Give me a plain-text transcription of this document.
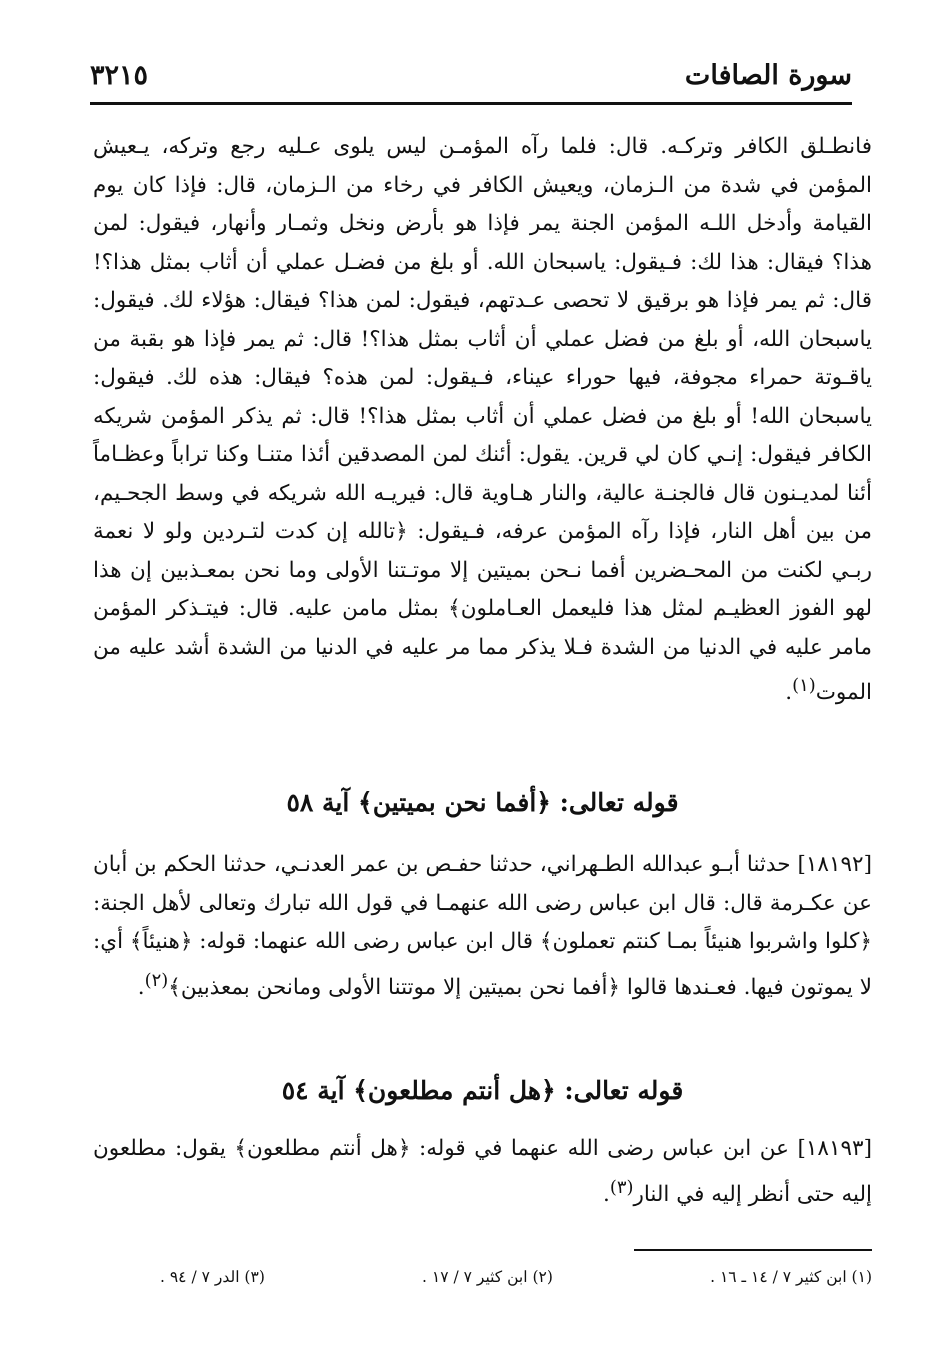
سورة الصافات
٣٢١٥

فانطـلق الكافر وتركـه. قال: فلما رآه المؤمـن ليس يلوى عـليه رجع وتركه، يـعيش المؤمن في شدة من الـزمان، ويعيش الكافر في رخاء من الـزمان، قال: فإذا كان يوم القيامة وأدخل اللـه المؤمن الجنة يمر فإذا هو بأرض ونخل وثمـار وأنهار، فيقول: لمن هذا؟ فيقال: هذا لك: فـيقول: ياسبحان الله. أو بلغ من فضـل عملي أن أثاب بمثل هذا؟! قال: ثم يمر فإذا هو برقيق لا تحصى عـدتهم، فيقول: لمن هذا؟ فيقال: هؤلاء لك. فيقول: ياسبحان الله، أو بلغ من فضل عملي أن أثاب بمثل هذا؟! قال: ثم يمر فإذا هو بقبة من ياقـوتة حمراء مجوفة، فيها حوراء عيناء، فـيقول: لمن هذه؟ فيقال: هذه لك. فيقول: ياسبحان الله! أو بلغ من فضل عملي أن أثاب بمثل هذا؟! قال: ثم يذكر المؤمن شريكه الكافر فيقول: إنـي كان لي قرين. يقول: أئنك لمن المصدقين أئذا متنـا وكنا تراباً وعظـاماً أئنا لمديـنون قال فالجنـة عالية، والنار هـاوية قال: فيريـه الله شريكه في وسط الجحـيم، من بين أهل النار، فإذا رآه المؤمن عرفه، فـيقول: ﴿تالله إن كدت لتـردين ولو لا نعمة ربـي لكنت من المحـضرين أفما نـحن بميتين إلا موتـتنا الأولى وما نحن بمعـذبين إن هذا لهو الفوز العظيـم لمثل هذا فليعمل العـاملون﴾ بمثل مامن عليه. قال: فيتـذكر المؤمن مامر عليه في الدنيا من الشدة فـلا يذكر مما مر عليه في الدنيا من الشدة أشد عليه من الموت$^{(١)}$.

قوله تعالى: ﴿أفما نحن بميتين﴾ آية ٥٨

[١٨١٩٢] حدثنا أبـو عبدالله الطـهراني، حدثنا حفـص بن عمر العدنـي، حدثنا الحكم بن أبان عن عكـرمة قال: قال ابن عباس رضى الله عنهمـا في قول الله تبارك وتعالى لأهل الجنة: ﴿كلوا واشربوا هنيئاً بمـا كنتم تعملون﴾ قال ابن عباس رضى الله عنهما: قوله: ﴿هنيئاً﴾ أي: لا يموتون فيها. فعـندها قالوا ﴿أفما نحن بميتين إلا موتتنا الأولى ومانحن بمعذبين﴾$^{(٢)}$.

قوله تعالى: ﴿هل أنتم مطلعون﴾ آية ٥٤

[١٨١٩٣] عن ابن عباس رضى الله عنهما في قوله: ﴿هل أنتم مطلعون﴾ يقول: مطلعون إليه حتى أنظر إليه في النار$^{(٣)}$.

(١) ابن كثير ٧ / ١٤ ـ ١٦ .
(٢) ابن كثير ٧ / ١٧ .
(٣) الدر ٧ / ٩٤ .
